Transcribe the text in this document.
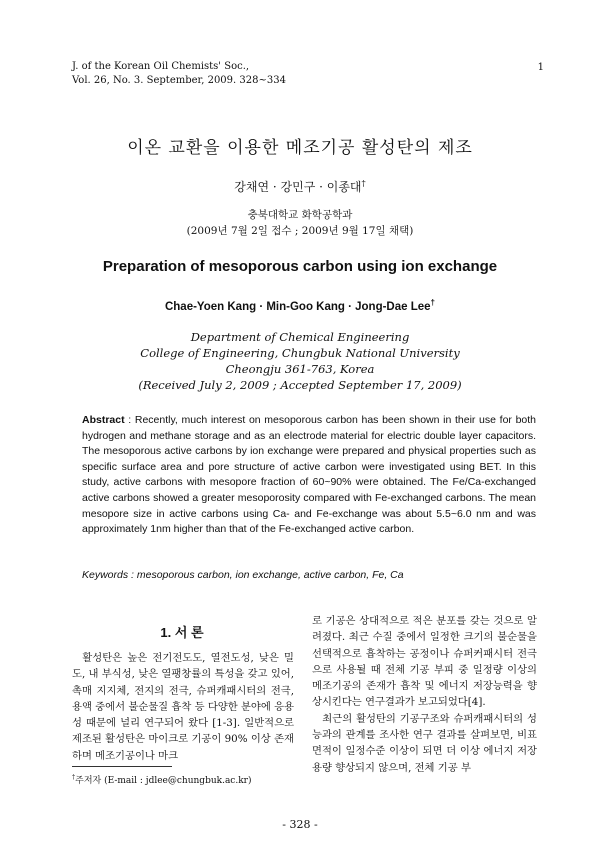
J. of the Korean Oil Chemists' Soc.,
Vol. 26, No. 3. September, 2009. 328~334
1
이온 교환을 이용한 메조기공 활성탄의 제조
강채연 · 강민구 · 이종대†
충북대학교 화학공학과
(2009년 7월 2일 접수 ; 2009년 9월 17일 채택)
Preparation of mesoporous carbon using ion exchange
Chae-Yoen Kang · Min-Goo Kang · Jong-Dae Lee†
Department of Chemical Engineering
College of Engineering, Chungbuk National University
Cheongju 361-763, Korea
(Received July 2, 2009 ; Accepted September 17, 2009)
Abstract : Recently, much interest on mesoporous carbon has been shown in their use for both hydrogen and methane storage and as an electrode material for electric double layer capacitors. The mesoporous active carbons by ion exchange were prepared and physical properties such as specific surface area and pore structure of active carbon were investigated using BET. In this study, active carbons with mesopore fraction of 60~90% were obtained. The Fe/Ca-exchanged active carbons showed a greater mesoporosity compared with Fe-exchanged carbons. The mean mesopore size in active carbons using Ca- and Fe-exchange was about 5.5~6.0 nm and was approximately 1nm higher than that of the Fe-exchanged active carbon.
Keywords : mesoporous carbon, ion exchange, active carbon, Fe, Ca
1. 서 론
활성탄은 높은 전기전도도, 열전도성, 낮은 밀도, 내 부식성, 낮은 열팽창률의 특성을 갖고 있어, 촉매 지지체, 전지의 전극, 슈퍼캐패시터의 전극, 용액 중에서 불순물질 흡착 등 다양한 분야에 응용성 때문에 널리 연구되어 왔다 [1-3]. 일반적으로 제조된 활성탄은 마이크로 기공이 90% 이상 존재하며 메조기공이나 마크
로 기공은 상대적으로 적은 분포를 갖는 것으로 알려졌다. 최근 수질 중에서 일정한 크기의 불순물을 선택적으로 흡착하는 공정이나 슈퍼커패시터 전극으로 사용될 때 전체 기공 부피 중 일정량 이상의 메조기공의 존재가 흡착 및 에너지 저장능력을 향상시킨다는 연구결과가 보고되었다[4].
최근의 활성탄의 기공구조와 슈퍼캐패시터의 성능과의 관계를 조사한 연구 결과를 살펴보면, 비표면적이 일정수준 이상이 되면 더 이상 에너지 저장 용량 향상되지 않으며, 전체 기공 부
†주저자 (E-mail : jdlee@chungbuk.ac.kr)
- 328 -
